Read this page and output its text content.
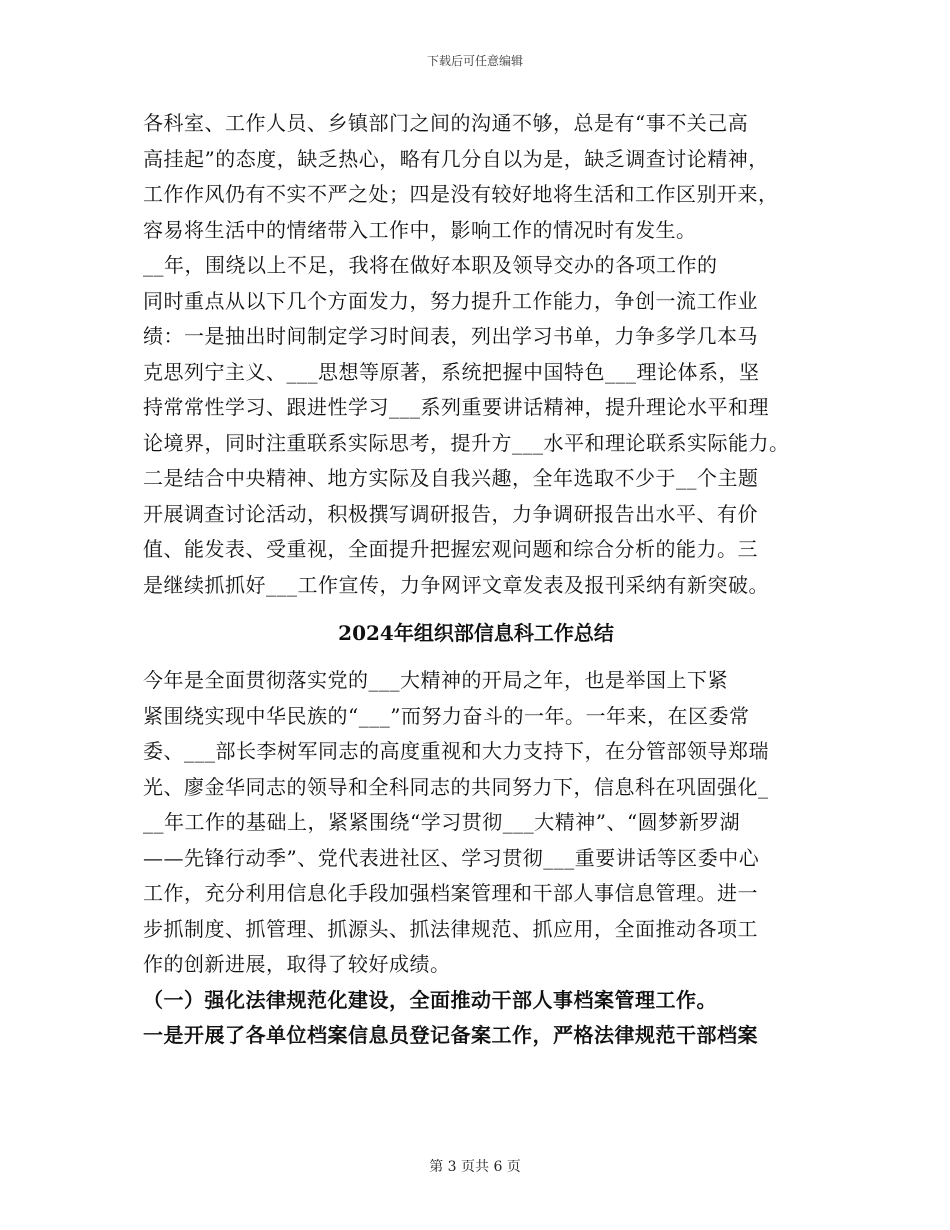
下载后可任意编辑
各科室、工作人员、乡镇部门之间的沟通不够，总是有“事不关己高
高挂起”的态度，缺乏热心，略有几分自以为是，缺乏调查讨论精神，
工作作风仍有不实不严之处；四是没有较好地将生活和工作区别开来，
容易将生活中的情绪带入工作中，影响工作的情况时有发生。
__年，围绕以上不足，我将在做好本职及领导交办的各项工作的
同时重点从以下几个方面发力，努力提升工作能力，争创一流工作业
绩：一是抽出时间制定学习时间表，列出学习书单，力争多学几本马
克思列宁主义、___思想等原著，系统把握中国特色___理论体系，坚
持常常性学习、跟进性学习___系列重要讲话精神，提升理论水平和理
论境界，同时注重联系实际思考，提升方___水平和理论联系实际能力。
二是结合中央精神、地方实际及自我兴趣，全年选取不少于__个主题
开展调查讨论活动，积极撰写调研报告，力争调研报告出水平、有价
值、能发表、受重视，全面提升把握宏观问题和综合分析的能力。三
是继续抓抓好___工作宣传，力争网评文章发表及报刊采纳有新突破。
2024年组织部信息科工作总结
今年是全面贯彻落实党的___大精神的开局之年，也是举国上下紧
紧围绕实现中华民族的“___”而努力奋斗的一年。一年来，在区委常
委、___部长李树军同志的高度重视和大力支持下，在分管部领导郑瑞
光、廖金华同志的领导和全科同志的共同努力下，信息科在巩固强化_
__年工作的基础上，紧紧围绕“学习贯彻___大精神”、“圆梦新罗湖
——先锋行动季”、党代表进社区、学习贯彻___重要讲话等区委中心
工作，充分利用信息化手段加强档案管理和干部人事信息管理。进一
步抓制度、抓管理、抓源头、抓法律规范、抓应用，全面推动各项工
作的创新进展，取得了较好成绩。
（一）强化法律规范化建设，全面推动干部人事档案管理工作。
一是开展了各单位档案信息员登记备案工作，严格法律规范干部档案
第 3 页共 6 页
